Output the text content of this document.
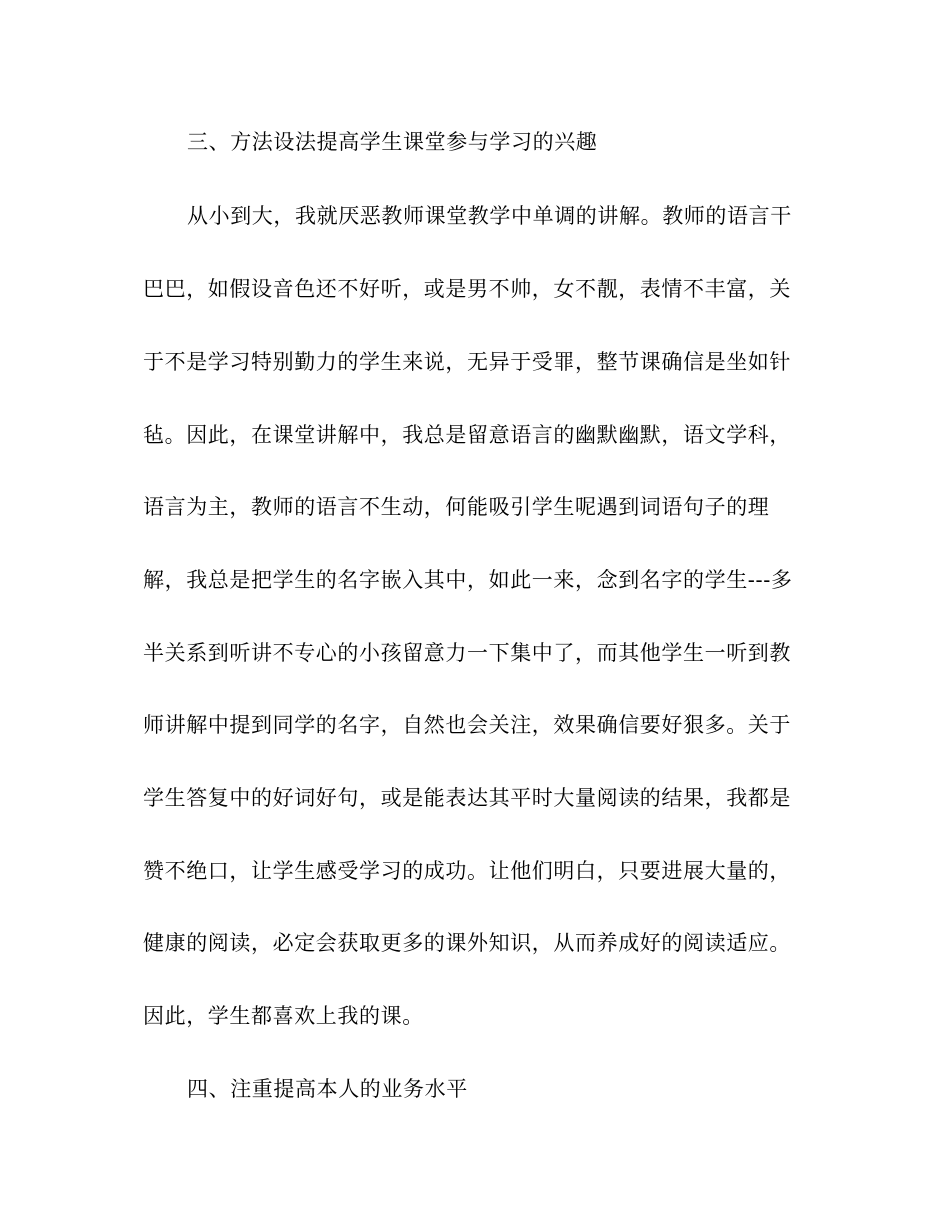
三、方法设法提高学生课堂参与学习的兴趣
从小到大，我就厌恶教师课堂教学中单调的讲解。教师的语言干
巴巴，如假设音色还不好听，或是男不帅，女不靓，表情不丰富，关
于不是学习特别勤力的学生来说，无异于受罪，整节课确信是坐如针
毡。因此，在课堂讲解中，我总是留意语言的幽默幽默，语文学科，
语言为主，教师的语言不生动，何能吸引学生呢遇到词语句子的理
解，我总是把学生的名字嵌入其中，如此一来，念到名字的学生---多
半关系到听讲不专心的小孩留意力一下集中了，而其他学生一听到教
师讲解中提到同学的名字，自然也会关注，效果确信要好狠多。关于
学生答复中的好词好句，或是能表达其平时大量阅读的结果，我都是
赞不绝口，让学生感受学习的成功。让他们明白，只要进展大量的，
健康的阅读，必定会获取更多的课外知识，从而养成好的阅读适应。
因此，学生都喜欢上我的课。
四、注重提高本人的业务水平
